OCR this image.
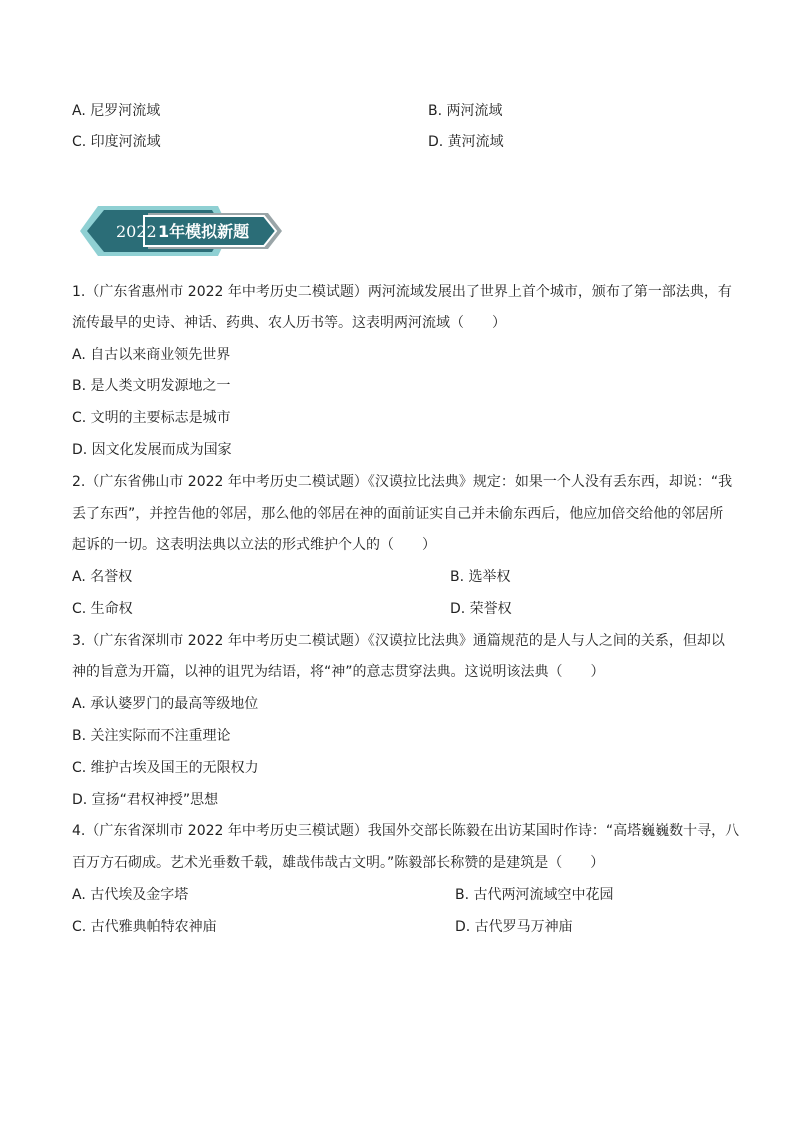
A. 尼罗河流域	B. 两河流域
C. 印度河流域	D. 黄河流域
2022 1年模拟新题
1.（广东省惠州市 2022 年中考历史二模试题）两河流域发展出了世界上首个城市，颁布了第一部法典，有
流传最早的史诗、神话、药典、农人历书等。这表明两河流域（　　）
A. 自古以来商业领先世界
B. 是人类文明发源地之一
C. 文明的主要标志是城市
D. 因文化发展而成为国家
2.（广东省佛山市 2022 年中考历史二模试题）《汉谟拉比法典》规定：如果一个人没有丢东西，却说：“我
丢了东西”，并控告他的邻居，那么他的邻居在神的面前证实自己并未偷东西后，他应加倍交给他的邻居所
起诉的一切。这表明法典以立法的形式维护个人的（　　）
A. 名誉权	B. 选举权
C. 生命权	D. 荣誉权
3.（广东省深圳市 2022 年中考历史二模试题）《汉谟拉比法典》通篇规范的是人与人之间的关系，但却以
神的旨意为开篇，以神的诅咒为结语，将“神”的意志贯穿法典。这说明该法典（　　）
A. 承认婆罗门的最高等级地位
B. 关注实际而不注重理论
C. 维护古埃及国王的无限权力
D. 宣扬“君权神授”思想
4.（广东省深圳市 2022 年中考历史三模试题）我国外交部长陈毅在出访某国时作诗：“高塔巍巍数十寻，八
百万方石砌成。艺术光垂数千载，雄哉伟哉古文明。”陈毅部长称赞的是建筑是（　　）
A. 古代埃及金字塔	B. 古代两河流域空中花园
C. 古代雅典帕特农神庙	D. 古代罗马万神庙
